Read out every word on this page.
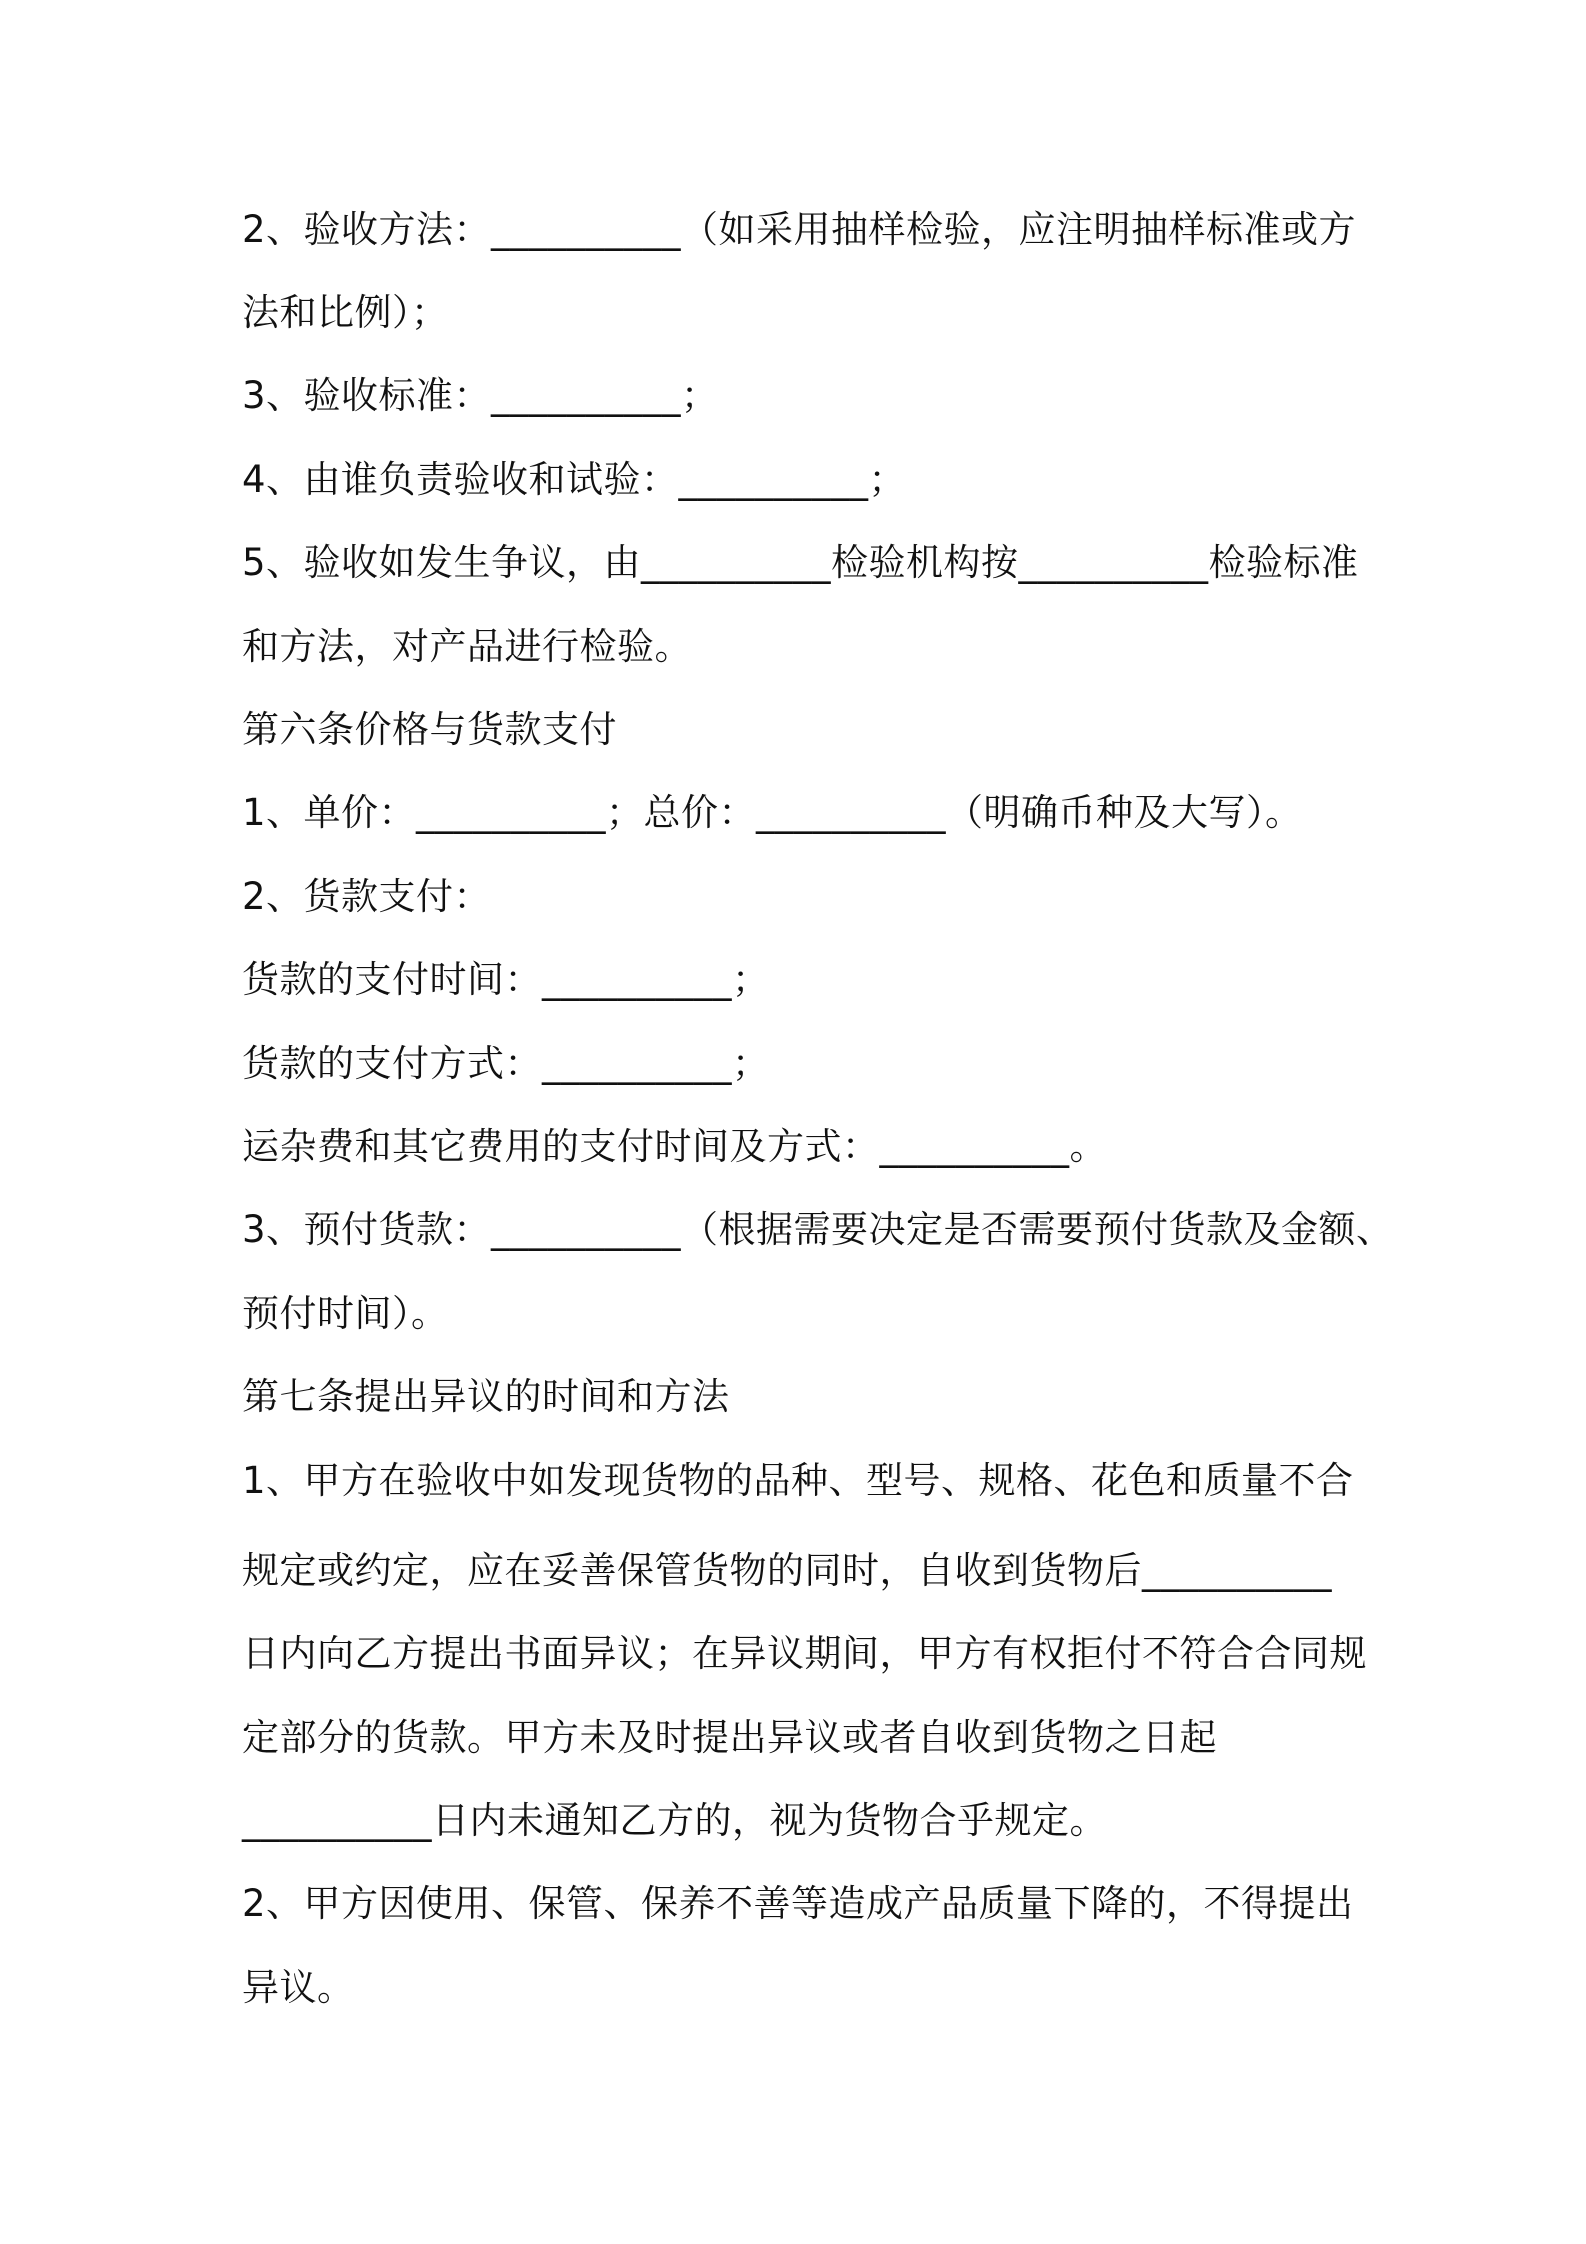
2、验收方法：__________（如采用抽样检验，应注明抽样标准或方
法和比例）；
3、验收标准：__________；
4、由谁负责验收和试验：__________；
5、验收如发生争议，由__________检验机构按__________检验标准
和方法，对产品进行检验。
第六条价格与货款支付
1、单价：__________；总价：__________（明确币种及大写）。
2、货款支付：
货款的支付时间：__________；
货款的支付方式：__________；
运杂费和其它费用的支付时间及方式：__________。
3、预付货款：__________（根据需要决定是否需要预付货款及金额、
预付时间）。
第七条提出异议的时间和方法
1、甲方在验收中如发现货物的品种、型号、规格、花色和质量不合
规定或约定，应在妥善保管货物的同时，自收到货物后__________
日内向乙方提出书面异议；在异议期间，甲方有权拒付不符合合同规
定部分的货款。甲方未及时提出异议或者自收到货物之日起
__________日内未通知乙方的，视为货物合乎规定。
2、甲方因使用、保管、保养不善等造成产品质量下降的，不得提出
异议。
